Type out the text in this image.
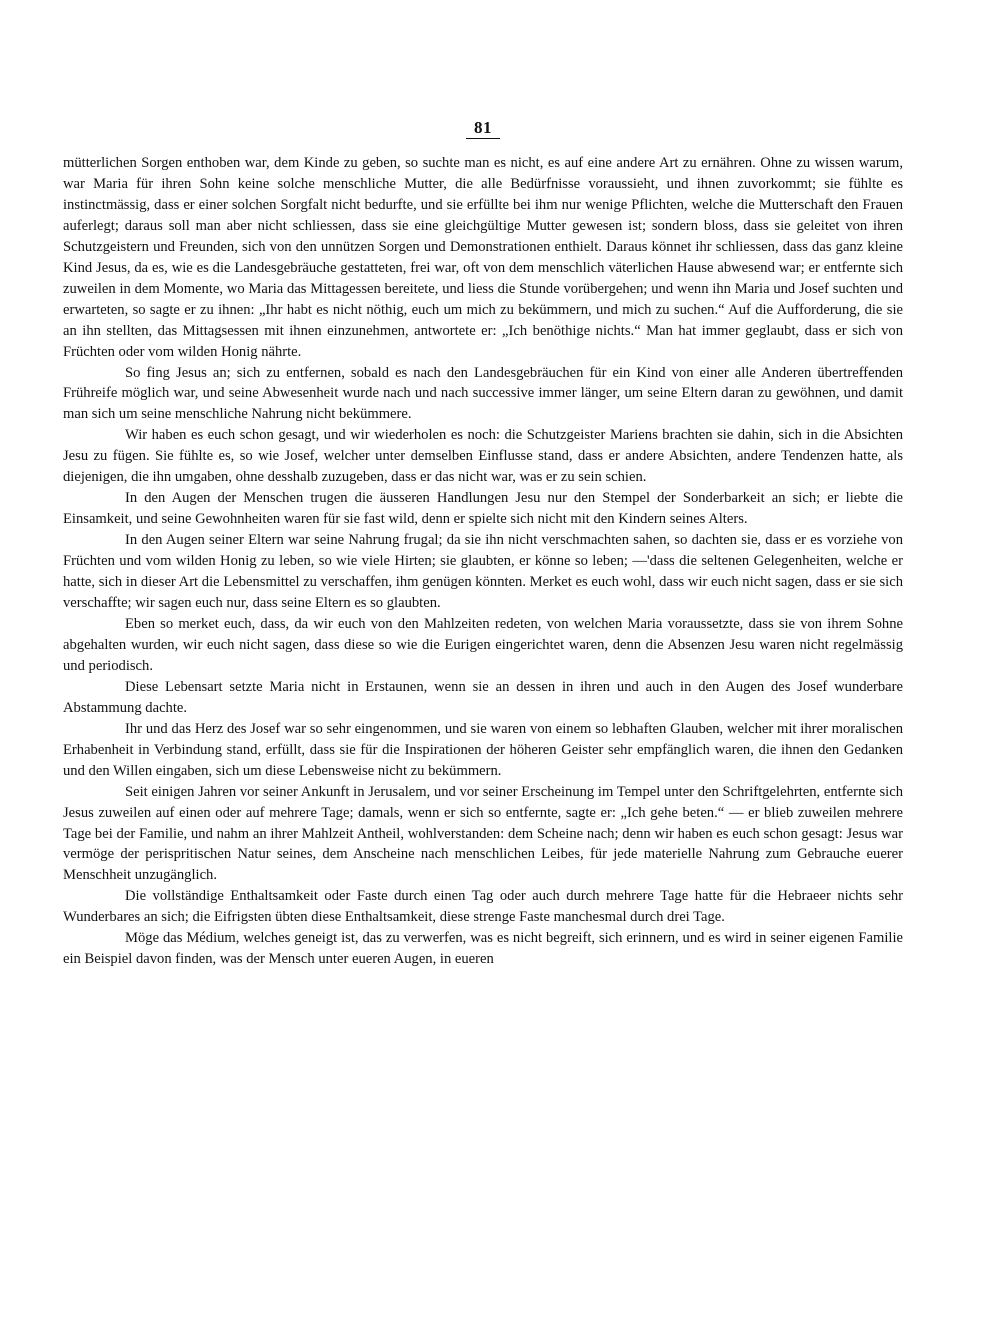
81

mütterlichen Sorgen enthoben war, dem Kinde zu geben, so suchte man es nicht, es auf eine andere Art zu ernähren. Ohne zu wissen warum, war Maria für ihren Sohn keine solche menschliche Mutter, die alle Bedürfnisse voraussieht, und ihnen zuvorkommt; sie fühlte es instinctmässig, dass er einer solchen Sorgfalt nicht bedurfte, und sie erfüllte bei ihm nur wenige Pflichten, welche die Mutterschaft den Frauen auferlegt; daraus soll man aber nicht schliessen, dass sie eine gleichgültige Mutter gewesen ist; sondern bloss, dass sie geleitet von ihren Schutzgeistern und Freunden, sich von den unnützen Sorgen und Demonstrationen enthielt. Daraus könnet ihr schliessen, dass das ganz kleine Kind Jesus, da es, wie es die Landesgebräuche gestatteten, frei war, oft von dem menschlich väterlichen Hause abwesend war; er entfernte sich zuweilen in dem Momente, wo Maria das Mittagessen bereitete, und liess die Stunde vorübergehen; und wenn ihn Maria und Josef suchten und erwarteten, so sagte er zu ihnen: „Ihr habt es nicht nöthig, euch um mich zu bekümmern, und mich zu suchen.“ Auf die Aufforderung, die sie an ihn stellten, das Mittagsessen mit ihnen einzunehmen, antwortete er: „Ich benöthige nichts.“ Man hat immer geglaubt, dass er sich von Früchten oder vom wilden Honig nährte.

So fing Jesus an; sich zu entfernen, sobald es nach den Landesgebräuchen für ein Kind von einer alle Anderen übertreffenden Frühreife möglich war, und seine Abwesenheit wurde nach und nach successive immer länger, um seine Eltern daran zu gewöhnen, und damit man sich um seine menschliche Nahrung nicht bekümmere.

Wir haben es euch schon gesagt, und wir wiederholen es noch: die Schutzgeister Mariens brachten sie dahin, sich in die Absichten Jesu zu fügen. Sie fühlte es, so wie Josef, welcher unter demselben Einflusse stand, dass er andere Absichten, andere Tendenzen hatte, als diejenigen, die ihn umgaben, ohne desshalb zuzugeben, dass er das nicht war, was er zu sein schien.

In den Augen der Menschen trugen die äusseren Handlungen Jesu nur den Stempel der Sonderbarkeit an sich; er liebte die Einsamkeit, und seine Gewohnheiten waren für sie fast wild, denn er spielte sich nicht mit den Kindern seines Alters.

In den Augen seiner Eltern war seine Nahrung frugal; da sie ihn nicht verschmachten sahen, so dachten sie, dass er es vorziehe von Früchten und vom wilden Honig zu leben, so wie viele Hirten; sie glaubten, er könne so leben; —'dass die seltenen Gelegenheiten, welche er hatte, sich in dieser Art die Lebensmittel zu verschaffen, ihm genügen könnten. Merket es euch wohl, dass wir euch nicht sagen, dass er sie sich verschaffte; wir sagen euch nur, dass seine Eltern es so glaubten.

Eben so merket euch, dass, da wir euch von den Mahlzeiten redeten, von welchen Maria voraussetzte, dass sie von ihrem Sohne abgehalten wurden, wir euch nicht sagen, dass diese so wie die Eurigen eingerichtet waren, denn die Absenzen Jesu waren nicht regelmässig und periodisch.

Diese Lebensart setzte Maria nicht in Erstaunen, wenn sie an dessen in ihren und auch in den Augen des Josef wunderbare Abstammung dachte.

Ihr und das Herz des Josef war so sehr eingenommen, und sie waren von einem so lebhaften Glauben, welcher mit ihrer moralischen Erhabenheit in Verbindung stand, erfüllt, dass sie für die Inspirationen der höheren Geister sehr empfänglich waren, die ihnen den Gedanken und den Willen eingaben, sich um diese Lebensweise nicht zu bekümmern.

Seit einigen Jahren vor seiner Ankunft in Jerusalem, und vor seiner Erscheinung im Tempel unter den Schriftgelehrten, entfernte sich Jesus zuweilen auf einen oder auf mehrere Tage; damals, wenn er sich so entfernte, sagte er: „Ich gehe beten.“ — er blieb zuweilen mehrere Tage bei der Familie, und nahm an ihrer Mahlzeit Antheil, wohlverstanden: dem Scheine nach; denn wir haben es euch schon gesagt: Jesus war vermöge der perispritischen Natur seines, dem Anscheine nach menschlichen Leibes, für jede materielle Nahrung zum Gebrauche euerer Menschheit unzugänglich.

Die vollständige Enthaltsamkeit oder Faste durch einen Tag oder auch durch mehrere Tage hatte für die Hebraeer nichts sehr Wunderbares an sich; die Eifrigsten übten diese Enthaltsamkeit, diese strenge Faste manchesmal durch drei Tage.

Möge das Médium, welches geneigt ist, das zu verwerfen, was es nicht begreift, sich erinnern, und es wird in seiner eigenen Familie ein Beispiel davon finden, was der Mensch unter eueren Augen, in eueren
